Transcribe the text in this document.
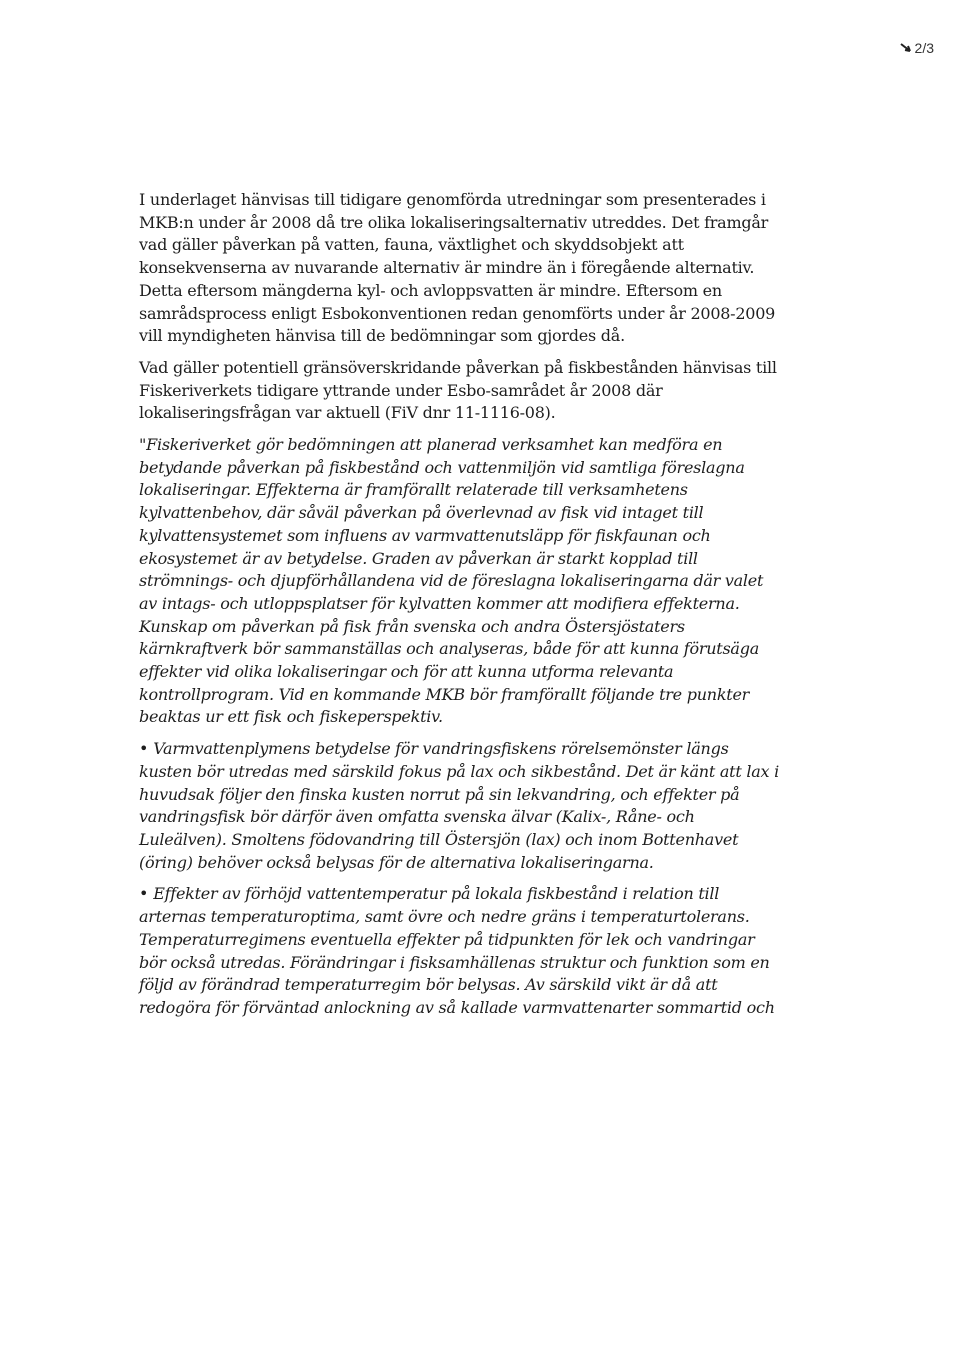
2/3

I underlaget hänvisas till tidigare genomförda utredningar som presenterades i MKB:n under år 2008 då tre olika lokaliseringsalternativ utreddes. Det framgår vad gäller påverkan på vatten, fauna, växtlighet och skyddsobjekt att konsekvenserna av nuvarande alternativ är mindre än i föregående alternativ. Detta eftersom mängderna kyl- och avloppsvatten är mindre. Eftersom en samrådsprocess enligt Esbokonventionen redan genomförts under år 2008-2009 vill myndigheten hänvisa till de bedömningar som gjordes då.

Vad gäller potentiell gränsöverskridande påverkan på fiskbestånden hänvisas till Fiskeriverkets tidigare yttrande under Esbo-samrådet år 2008 där lokaliseringsfrågan var aktuell (FiV dnr 11-1116-08).

"Fiskeriverket gör bedömningen att planerad verksamhet kan medföra en betydande påverkan på fiskbestånd och vattenmiljön vid samtliga föreslagna lokaliseringar. Effekterna är framförallt relaterade till verksamhetens kylvattenbehov, där såväl påverkan på överlevnad av fisk vid intaget till kylvattensystemet som influens av varmvattenutsläpp för fiskfaunan och ekosystemet är av betydelse. Graden av påverkan är starkt kopplad till strömnings- och djupförhållandena vid de föreslagna lokaliseringarna där valet av intags- och utloppsplatser för kylvatten kommer att modifiera effekterna. Kunskap om påverkan på fisk från svenska och andra Östersjöstaters kärnkraftverk bör sammanställas och analyseras, både för att kunna förutsäga effekter vid olika lokaliseringar och för att kunna utforma relevanta kontrollprogram. Vid en kommande MKB bör framförallt följande tre punkter beaktas ur ett fisk och fiskeperspektiv.

• Varmvattenplymens betydelse för vandringsfiskens rörelsemönster längs kusten bör utredas med särskild fokus på lax och sikbestånd. Det är känt att lax i huvudsak följer den finska kusten norrut på sin lekvandring, och effekter på vandringsfisk bör därför även omfatta svenska älvar (Kalix-, Råne- och Luleälven). Smoltens födovandring till Östersjön (lax) och inom Bottenhavet (öring) behöver också belysas för de alternativa lokaliseringarna.

• Effekter av förhöjd vattentemperatur på lokala fiskbestånd i relation till arternas temperaturoptima, samt övre och nedre gräns i temperaturtolerans. Temperaturregimens eventuella effekter på tidpunkten för lek och vandringar bör också utredas. Förändringar i fisksamhällenas struktur och funktion som en följd av förändrad temperaturregim bör belysas. Av särskild vikt är då att redogöra för förväntad anlockning av så kallade varmvattenarter sommartid och
